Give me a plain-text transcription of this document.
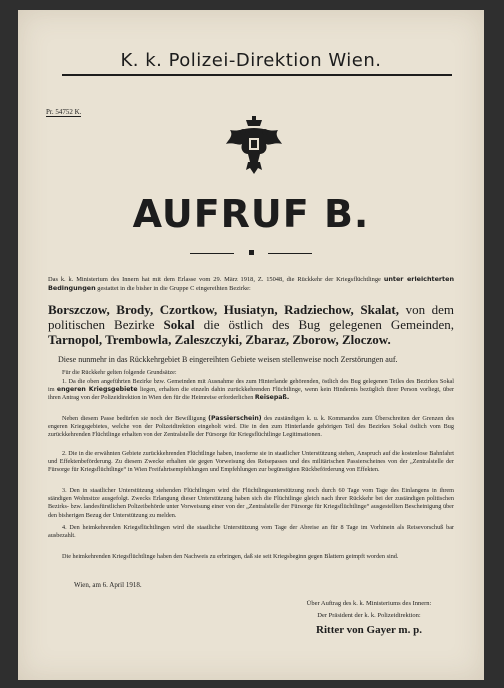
K. k. Polizei-Direktion Wien.
Pr. 54752 K.
AUFRUF B.
Das k. k. Ministerium des Innern hat mit dem Erlasse vom 29. März 1918, Z. 15048, die Rückkehr der Kriegsflüchtlinge unter erleichterten Bedingungen gestattet in die bisher in die Gruppe C eingereihten Bezirke:
Borszczow, Brody, Czortkow, Husiatyn, Radziechow, Skalat, von dem politischen Bezirke Sokal die östlich des Bug gelegenen Gemeinden, Tarnopol, Trembowla, Zaleszczyki, Zbaraz, Zborow, Zloczow.
Diese nunmehr in das Rückkehrgebiet B eingereihten Gebiete weisen stellenweise noch Zerstörungen auf.
Für die Rückkehr gelten folgende Grundsätze:
1. Da die oben angeführten Bezirke bzw. Gemeinden mit Ausnahme des zum Hinterlande gehörenden, östlich des Bug gelegenen Teiles des Bezirkes Sokal im engeren Kriegsgebiete liegen, erhalten die einzeln dahin zurückkehrenden Flüchtlinge, wenn kein Hindernis bezüglich ihrer Person vorliegt, über ihren Antrag von der Polizeidirektion in Wien den für die Heimreise erforderlichen Reisepaß.
Neben diesem Passe bedürfen sie noch der Bewilligung (Passierschein) des zuständigen k. u. k. Kommandos zum Überschreiten der Grenzen des engeren Kriegsgebietes, welche von der Polizeidirektion eingeholt wird. Die in den zum Hinterlande gehörigen Teil des Bezirkes Sokal östlich vom Bug zurückkehrenden Flüchtlinge erhalten von der Zentralstelle der Fürsorge für Kriegsflüchtlinge Legitimationen.
2. Die in die erwähnten Gebiete zurückkehrenden Flüchtlinge haben, insoferne sie in staatlicher Unterstützung stehen, Anspruch auf die kostenlose Bahnfahrt und Effektenbeförderung. Zu diesem Zwecke erhalten sie gegen Vorweisung des Reisepasses und des militärischen Passierscheines von der „Zentralstelle der Fürsorge für Kriegsflüchtlinge“ in Wien Freifahrtsempfehlungen und Empfehlungen zur begünstigten Rückbeförderung von Effekten.
3. Den in staatlicher Unterstützung stehenden Flüchtlingen wird die Flüchtlingsunterstützung noch durch 60 Tage vom Tage des Einlangens in ihrem ständigen Wohnsitze ausgefolgt. Zwecks Erlangung dieser Unterstützung haben sich die Flüchtlinge gleich nach ihrer Rückkehr bei der zuständigen politischen Bezirks- bzw. landesfürstlichen Polizeibehörde unter Vorweisung einer von der „Zentralstelle der Fürsorge für Kriegsflüchtlinge“ ausgestellten Bescheinigung über den bisherigen Bezug der Unterstützung zu melden.
4. Den heimkehrenden Kriegsflüchtlingen wird die staatliche Unterstützung vom Tage der Abreise an für 8 Tage im Vorhinein als Reisevorschuß bar ausbezahlt.
Die heimkehrenden Kriegsflüchtlinge haben den Nachweis zu erbringen, daß sie seit Kriegsbeginn gegen Blattern geimpft worden sind.
Wien, am 6. April 1918.
Über Auftrag des k. k. Ministeriums des Innern:
Der Präsident der k. k. Polizeidirektion:
Ritter von Gayer m. p.
